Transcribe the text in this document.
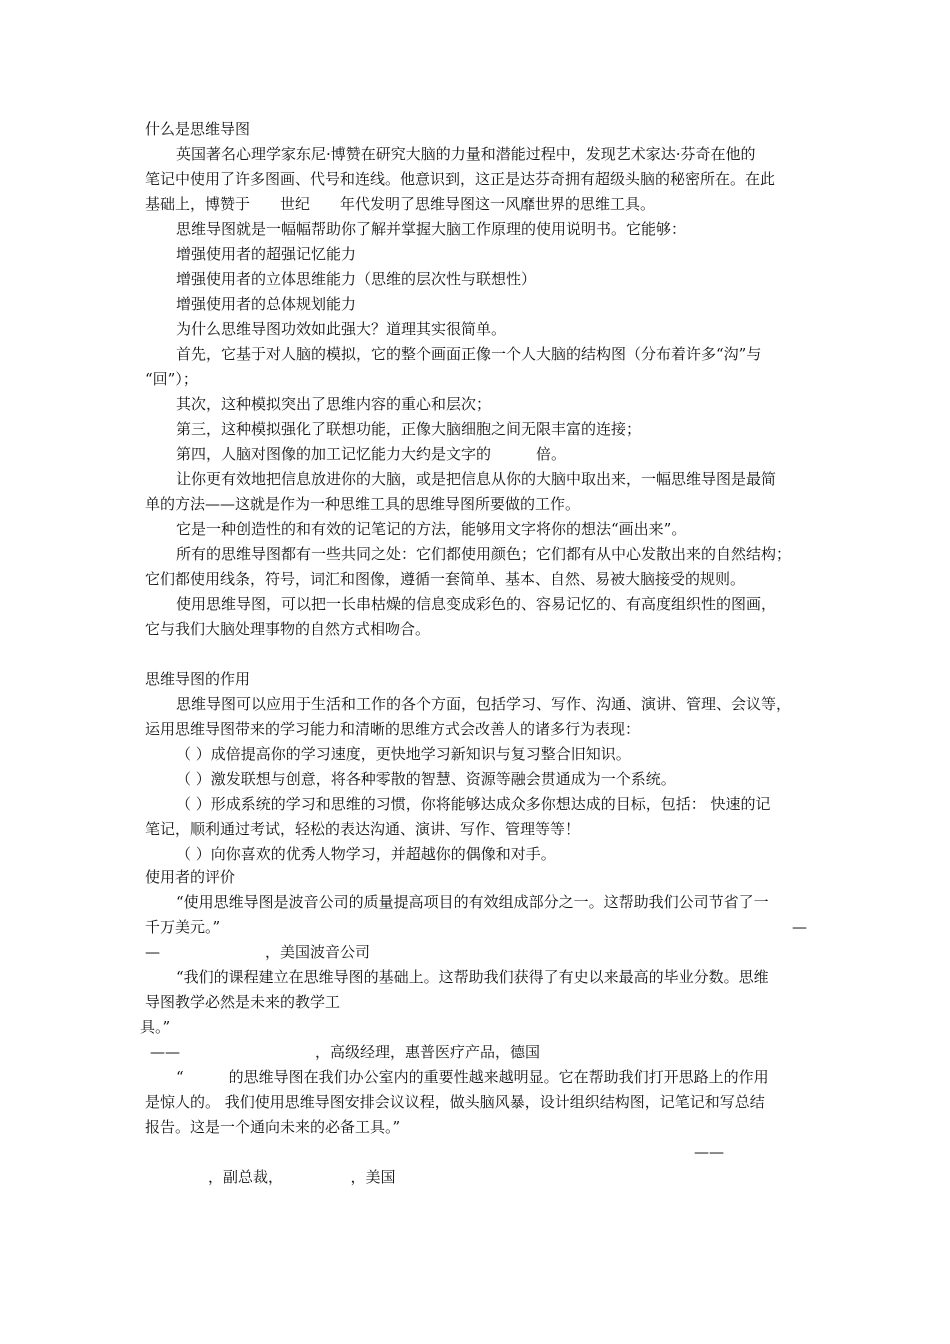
什么是思维导图
英国著名心理学家东尼·博赞在研究大脑的力量和潜能过程中，发现艺术家达·芬奇在他的
笔记中使用了许多图画、代号和连线。他意识到，这正是达芬奇拥有超级头脑的秘密所在。在此
基础上，博赞于　　世纪　　年代发明了思维导图这一风靡世界的思维工具。
思维导图就是一幅幅帮助你了解并掌握大脑工作原理的使用说明书。它能够：
增强使用者的超强记忆能力
增强使用者的立体思维能力（思维的层次性与联想性）
增强使用者的总体规划能力
为什么思维导图功效如此强大？道理其实很简单。
首先，它基于对人脑的模拟，它的整个画面正像一个人大脑的结构图（分布着许多“沟”与
“回”）；
其次，这种模拟突出了思维内容的重心和层次；
第三，这种模拟强化了联想功能，正像大脑细胞之间无限丰富的连接；
第四，人脑对图像的加工记忆能力大约是文字的　　　倍。
让你更有效地把信息放进你的大脑，或是把信息从你的大脑中取出来，一幅思维导图是最简
单的方法——这就是作为一种思维工具的思维导图所要做的工作。
它是一种创造性的和有效的记笔记的方法，能够用文字将你的想法“画出来”。
所有的思维导图都有一些共同之处：它们都使用颜色；它们都有从中心发散出来的自然结构；
它们都使用线条，符号，词汇和图像，遵循一套简单、基本、自然、易被大脑接受的规则。
使用思维导图，可以把一长串枯燥的信息变成彩色的、容易记忆的、有高度组织性的图画，
它与我们大脑处理事物的自然方式相吻合。
思维导图的作用
思维导图可以应用于生活和工作的各个方面，包括学习、写作、沟通、演讲、管理、会议等，
运用思维导图带来的学习能力和清晰的思维方式会改善人的诸多行为表现：
（ ）成倍提高你的学习速度，更快地学习新知识与复习整合旧知识。
（ ）激发联想与创意，将各种零散的智慧、资源等融会贯通成为一个系统。
（ ）形成系统的学习和思维的习惯，你将能够达成众多你想达成的目标，包括： 快速的记
笔记，顺利通过考试，轻松的表达沟通、演讲、写作、管理等等！
（ ）向你喜欢的优秀人物学习，并超越你的偶像和对手。
使用者的评价
“使用思维导图是波音公司的质量提高项目的有效组成部分之一。这帮助我们公司节省了一
千万美元。”	—
—　　　　　　　，美国波音公司
“我们的课程建立在思维导图的基础上。这帮助我们获得了有史以来最高的毕业分数。思维
导图教学必然是未来的教学工
具。”
——　　　　　　　　　，高级经理，惠普医疗产品，德国
“　　　的思维导图在我们办公室内的重要性越来越明显。它在帮助我们打开思路上的作用
是惊人的。 我们使用思维导图安排会议议程，做头脑风暴，设计组织结构图，记笔记和写总结
报告。这是一个通向未来的必备工具。”
——
，副总裁，　　　　　，美国
